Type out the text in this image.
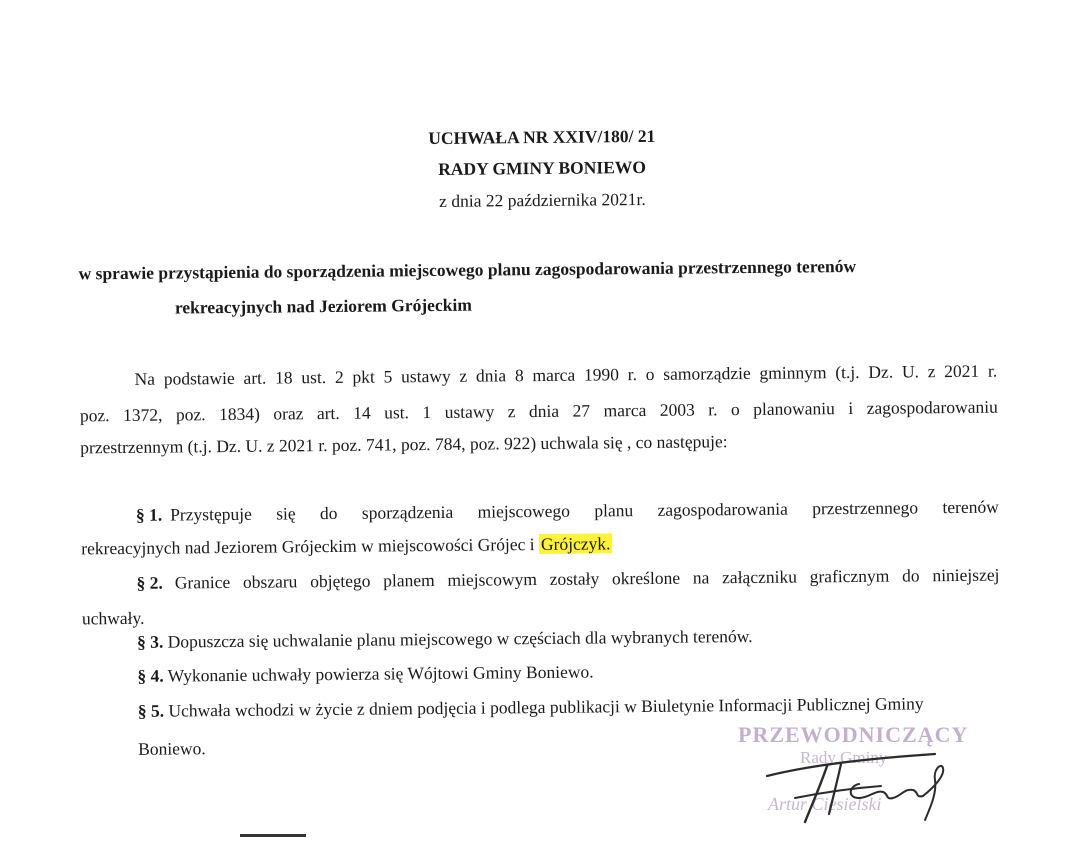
UCHWAŁA NR XXIV/180/ 21
RADY GMINY BONIEWO
z dnia 22 października 2021r.
w sprawie przystąpienia do sporządzenia miejscowego planu zagospodarowania przestrzennego terenów
rekreacyjnych nad Jeziorem Grójeckim
Na podstawie art. 18 ust. 2 pkt 5 ustawy z dnia 8 marca 1990 r. o samorządzie gminnym (t.j. Dz. U. z 2021 r.
poz. 1372, poz. 1834) oraz art. 14 ust. 1 ustawy z dnia 27 marca 2003 r. o planowaniu i zagospodarowaniu
przestrzennym (t.j. Dz. U. z 2021 r. poz. 741, poz. 784, poz. 922) uchwala się , co następuje:
§ 1. Przystępuje się do sporządzenia miejscowego planu zagospodarowania przestrzennego terenów
rekreacyjnych nad Jeziorem Grójeckim w miejscowości Grójec i Grójczyk.
§ 2. Granice obszaru objętego planem miejscowym zostały określone na załączniku graficznym do niniejszej
uchwały.
§ 3. Dopuszcza się uchwalanie planu miejscowego w częściach dla wybranych terenów.
§ 4. Wykonanie uchwały powierza się Wójtowi Gminy Boniewo.
§ 5. Uchwała wchodzi w życie z dniem podjęcia i podlega publikacji w Biuletynie Informacji Publicznej Gminy
Boniewo.
PRZEWODNICZĄCY
Rady Gminy
Artur Ciesielski
